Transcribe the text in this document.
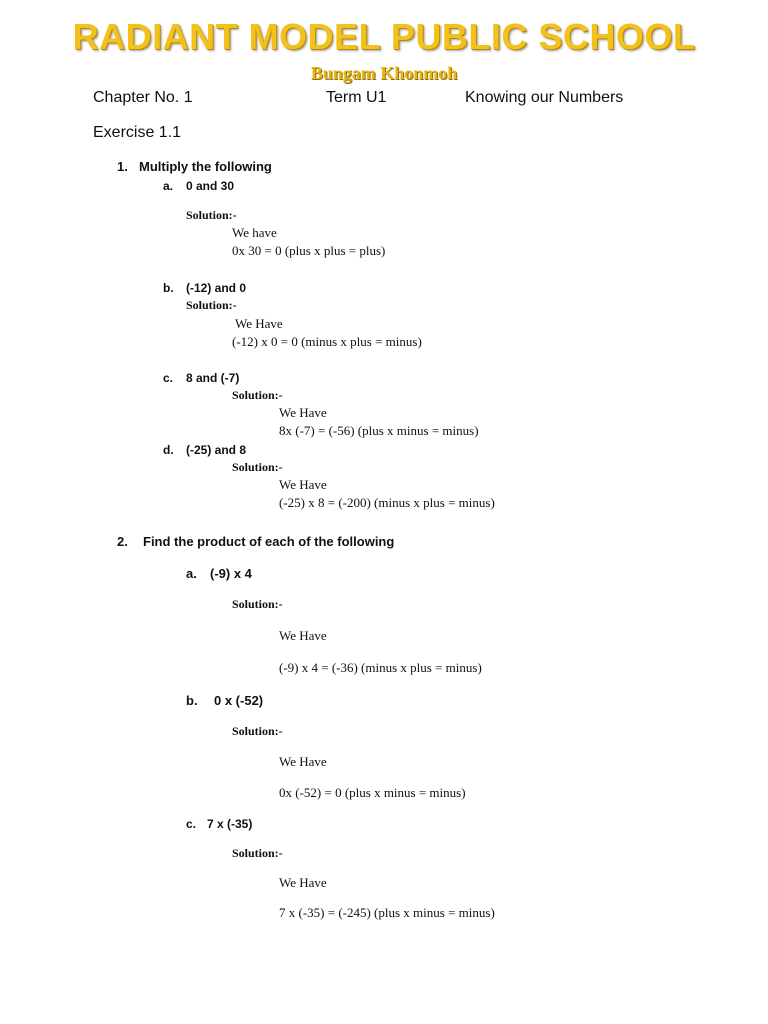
RADIANT MODEL PUBLIC SCHOOL
Bungam Khonmoh
Chapter No. 1	Term U1	Knowing our Numbers
Exercise 1.1
1. Multiply the following
a. 0 and 30
Solution:-
We have
0x 30 = 0 (plus x plus = plus)
b. (-12) and 0
Solution:-
We Have
(-12) x 0 = 0 (minus x plus = minus)
c. 8 and (-7)
Solution:-
We Have
8x (-7) = (-56) (plus x minus = minus)
d. (-25) and 8
Solution:-
We Have
(-25) x 8 = (-200) (minus x plus = minus)
2. Find the product of each of the following
a. (-9) x 4
Solution:-
We Have
(-9) x 4 = (-36) (minus x plus = minus)
b. 0 x (-52)
Solution:-
We Have
0x (-52) = 0 (plus x minus = minus)
c. 7 x (-35)
Solution:-
We Have
7 x (-35) = (-245) (plus x minus = minus)
